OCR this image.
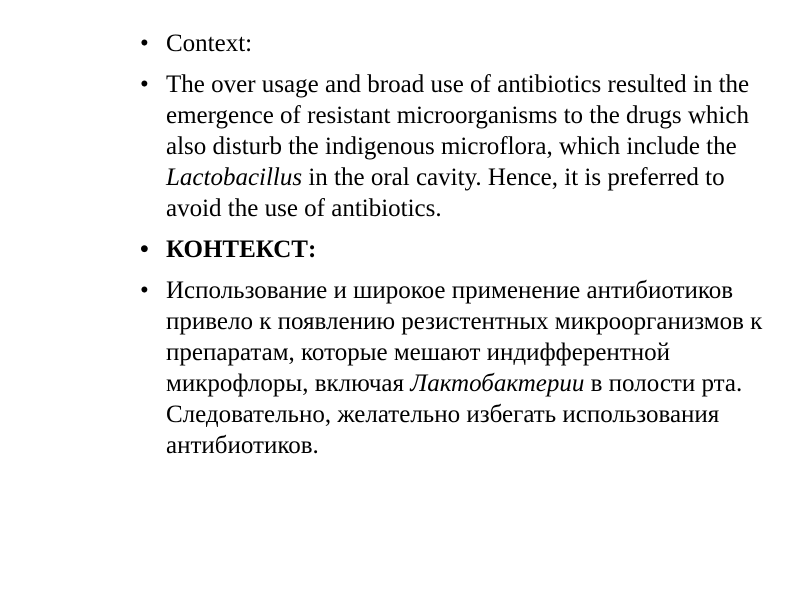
• Context:
• The over usage and broad use of antibiotics resulted in the emergence of resistant microorganisms to the drugs which also disturb the indigenous microflora, which include the Lactobacillus in the oral cavity. Hence, it is preferred to avoid the use of antibiotics.
• КОНТЕКСТ:
• Использование и широкое применение антибиотиков привело к появлению резистентных микроорганизмов к препаратам, которые мешают индифферентной микрофлоры, включая Лактобактерии в полости рта. Следовательно, желательно избегать использования антибиотиков.
